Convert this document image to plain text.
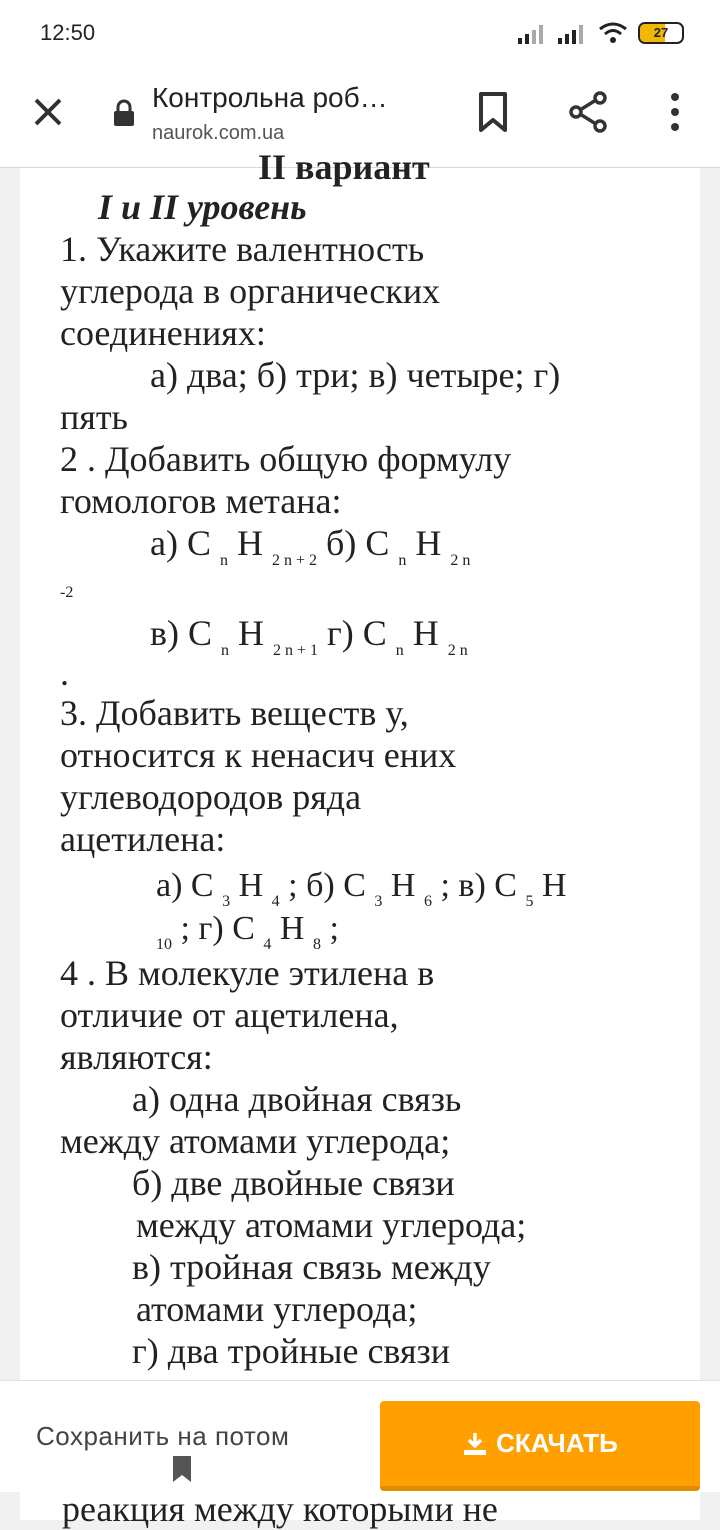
12:50	27
Контрольна роб…
naurok.com.ua
II вариант
I и II уровень
1. Укажите валентность
углерода в органических
соединениях:
а) два; б) три; в) четыре; г)
пять
2 . Добавить общую формулу
гомологов метана:
а) C $_n$ H $_{2 n + 2}$ б) C $_n$ H $_{2 n}$
-2
в) C $_n$ H $_{2 n + 1}$ г) C $_n$ H $_{2 n}$
.
3. Добавить веществ у,
относится к ненасич ених
углеводородов ряда
ацетилена:
а) C $_3$ H $_4$ ; б) C $_3$ H $_6$ ; в) C $_5$ H
$_{10}$ ; г) C $_4$ H $_8$ ;
4 . В молекуле этилена в
отличие от ацетилена,
являются:
а) одна двойная связь
между атомами углерода;
б) две двойные связи
между атомами углерода;
в) тройная связь между
атомами углерода;
г) два тройные связи
Сохранить на потом	СКАЧАТЬ
реакция между которыми не
